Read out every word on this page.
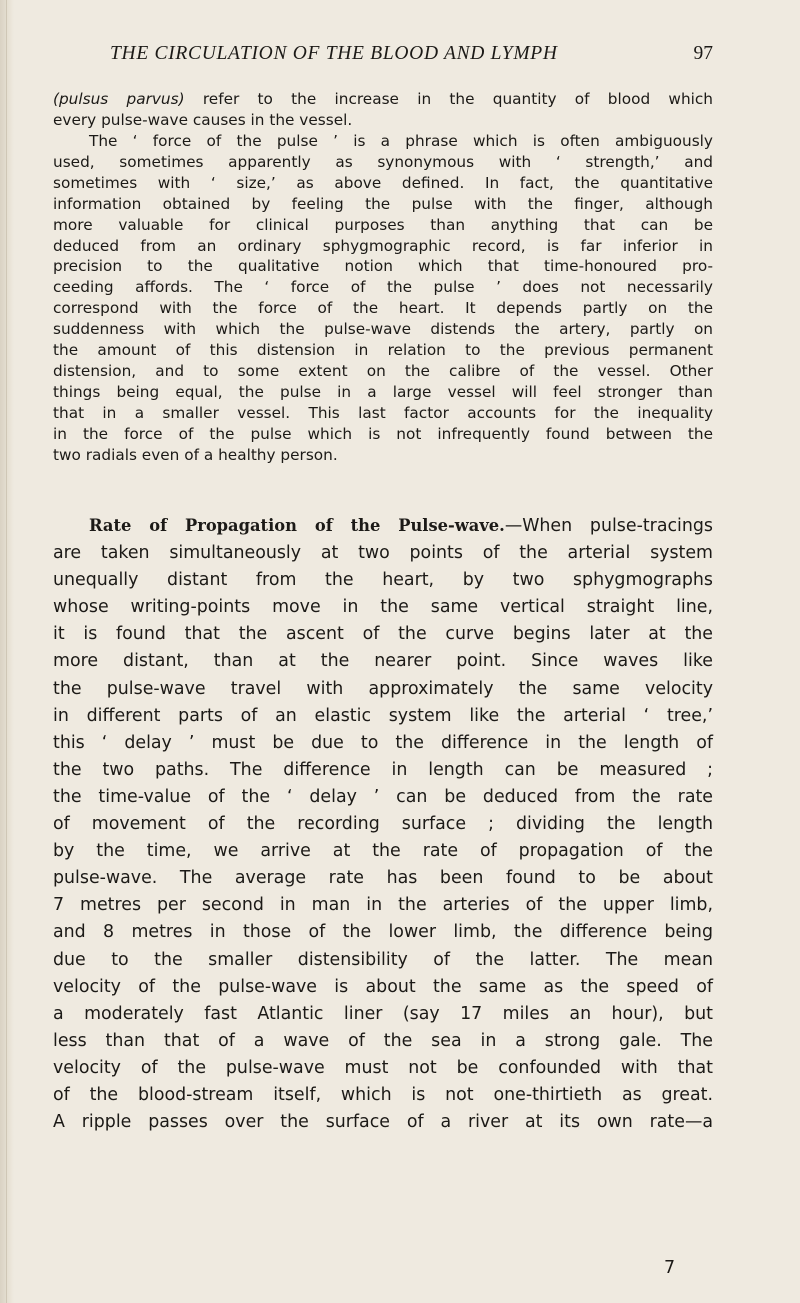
THE CIRCULATION OF THE BLOOD AND LYMPH	97
(pulsus parvus) refer to the increase in the quantity of blood which
every pulse-wave causes in the vessel.
The ‘ force of the pulse ’ is a phrase which is often ambiguously
used, sometimes apparently as synonymous with ‘ strength,’ and
sometimes with ‘ size,’ as above defined. In fact, the quantitative
information obtained by feeling the pulse with the finger, although
more valuable for clinical purposes than anything that can be
deduced from an ordinary sphygmographic record, is far inferior in
precision to the qualitative notion which that time-honoured pro-
ceeding affords. The ‘ force of the pulse ’ does not necessarily
correspond with the force of the heart. It depends partly on the
suddenness with which the pulse-wave distends the artery, partly on
the amount of this distension in relation to the previous permanent
distension, and to some extent on the calibre of the vessel. Other
things being equal, the pulse in a large vessel will feel stronger than
that in a smaller vessel. This last factor accounts for the inequality
in the force of the pulse which is not infrequently found between the
two radials even of a healthy person.
Rate of Propagation of the Pulse-wave.—When pulse-tracings
are taken simultaneously at two points of the arterial system
unequally distant from the heart, by two sphygmographs
whose writing-points move in the same vertical straight line,
it is found that the ascent of the curve begins later at the
more distant, than at the nearer point. Since waves like
the pulse-wave travel with approximately the same velocity
in different parts of an elastic system like the arterial ‘ tree,’
this ‘ delay ’ must be due to the difference in the length of
the two paths. The difference in length can be measured ;
the time-value of the ‘ delay ’ can be deduced from the rate
of movement of the recording surface ; dividing the length
by the time, we arrive at the rate of propagation of the
pulse-wave. The average rate has been found to be about
7 metres per second in man in the arteries of the upper limb,
and 8 metres in those of the lower limb, the difference being
due to the smaller distensibility of the latter. The mean
velocity of the pulse-wave is about the same as the speed of
a moderately fast Atlantic liner (say 17 miles an hour), but
less than that of a wave of the sea in a strong gale. The
velocity of the pulse-wave must not be confounded with that
of the blood-stream itself, which is not one-thirtieth as great.
A ripple passes over the surface of a river at its own rate—a
7
